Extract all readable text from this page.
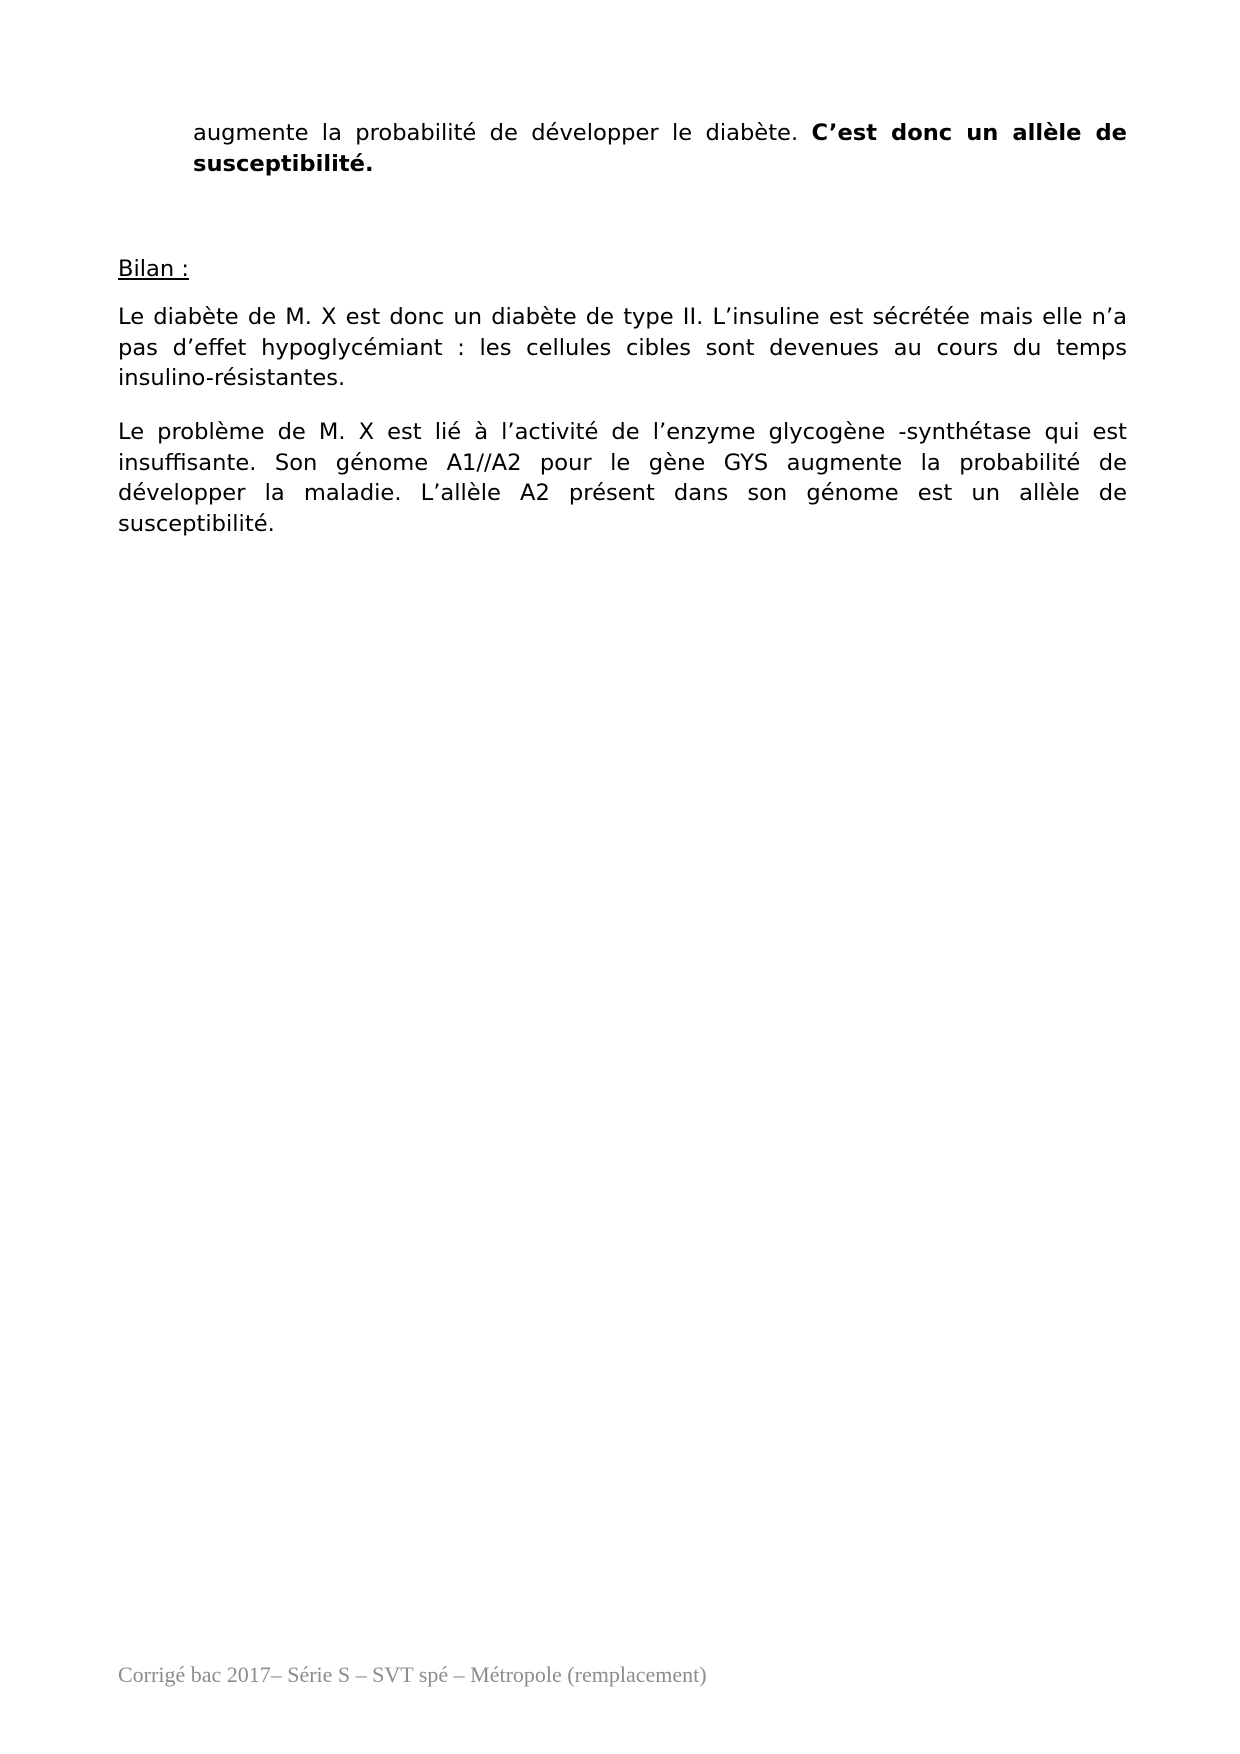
augmente la probabilité de développer le diabète. C’est donc un allèle de susceptibilité.

Bilan :

Le diabète de M. X est donc un diabète de type II. L’insuline est sécrétée mais elle n’a pas d’effet hypoglycémiant : les cellules cibles sont devenues au cours du temps insulino-résistantes.

Le problème de M. X est lié à l’activité de l’enzyme glycogène -synthétase qui est insuffisante. Son génome A1//A2 pour le gène GYS augmente la probabilité de développer la maladie. L’allèle A2 présent dans son génome est un allèle de susceptibilité.

Corrigé bac 2017– Série S – SVT spé – Métropole (remplacement)
